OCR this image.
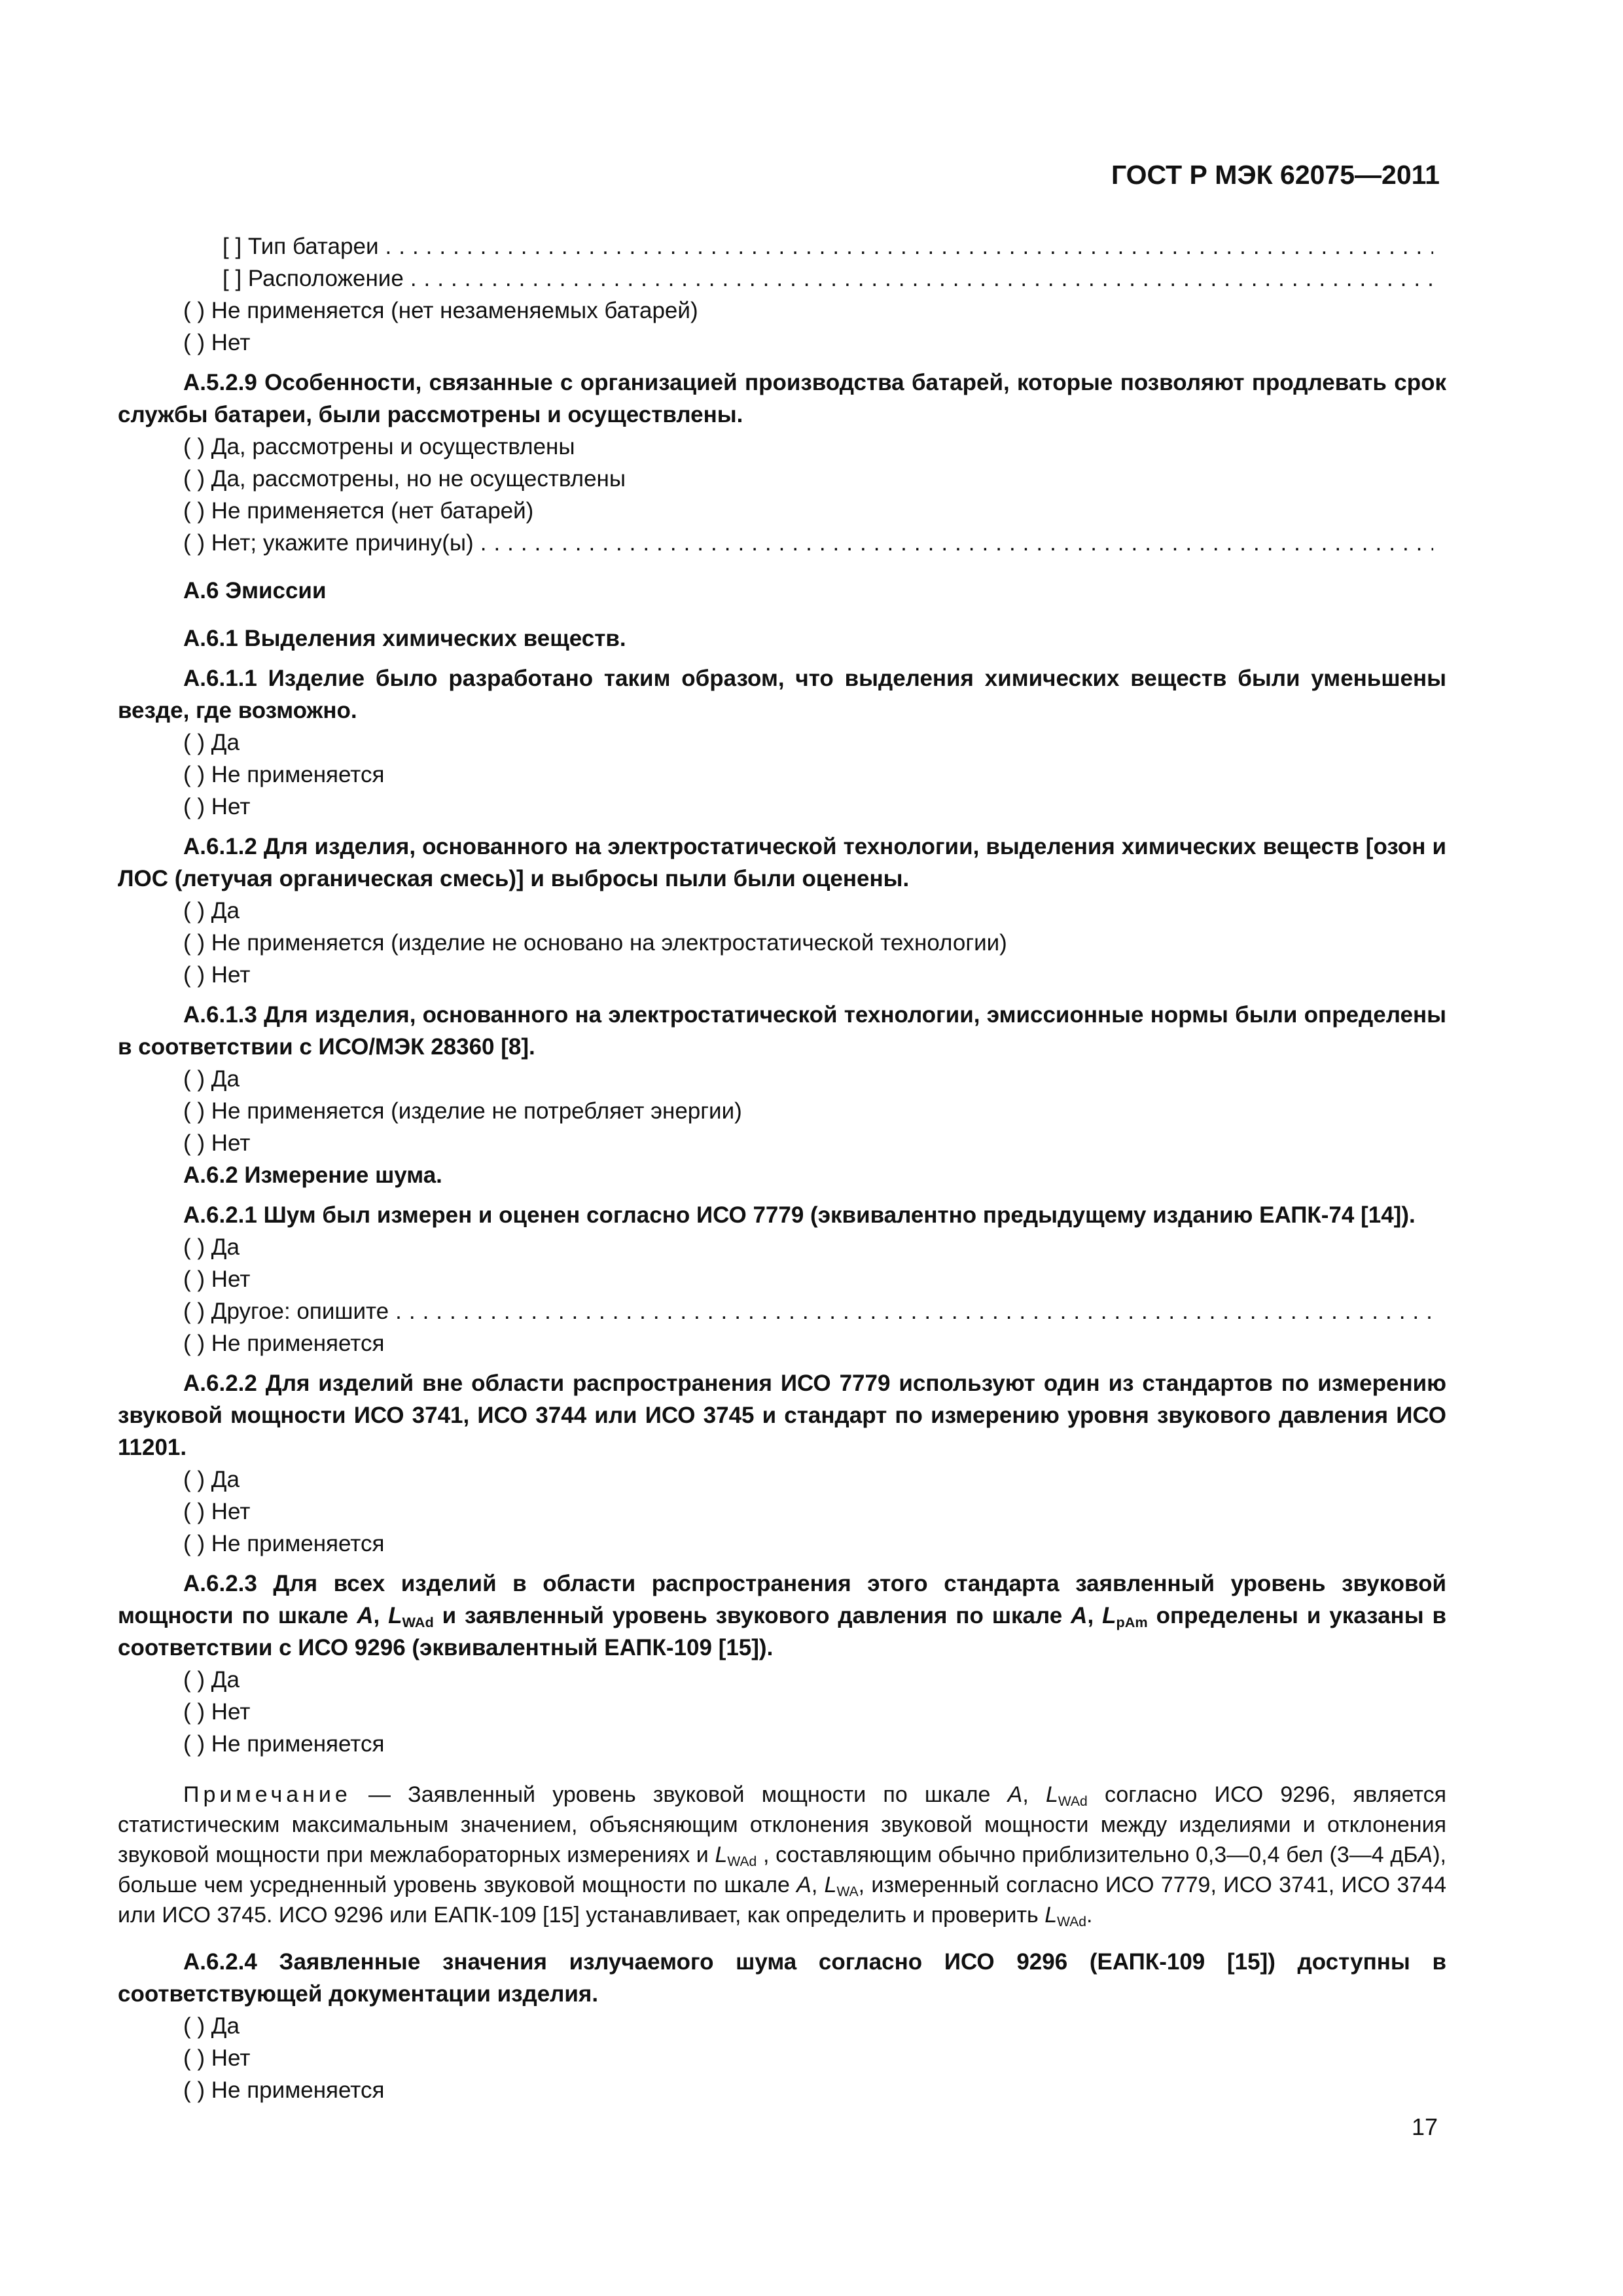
ГОСТ Р МЭК 62075—2011
[ ] Тип батареи
.....
[ ] Расположение
.....
( ) Не применяется (нет незаменяемых батарей)
( ) Нет

А.5.2.9 Особенности, связанные с организацией производства батарей, которые позволяют продлевать срок службы батареи, были рассмотрены и осуществлены.

( ) Да, рассмотрены и осуществлены
( ) Да, рассмотрены, но не осуществлены
( ) Не применяется (нет батарей)
( ) Нет; укажите причину(ы)
.....

А.6 Эмиссии

А.6.1 Выделения химических веществ.

А.6.1.1 Изделие было разработано таким образом, что выделения химических веществ были уменьшены везде, где возможно.

( ) Да
( ) Не применяется
( ) Нет

А.6.1.2 Для изделия, основанного на электростатической технологии, выделения химических веществ [озон и ЛОС (летучая органическая смесь)] и выбросы пыли были оценены.

( ) Да
( ) Не применяется (изделие не основано на электростатической технологии)
( ) Нет

А.6.1.3 Для изделия, основанного на электростатической технологии, эмиссионные нормы были определены в соответствии с ИСО/МЭК 28360 [8].

( ) Да
( ) Не применяется (изделие не потребляет энергии)
( ) Нет

А.6.2 Измерение шума.

А.6.2.1 Шум был измерен и оценен согласно ИСО 7779 (эквивалентно предыдущему изданию ЕАПК-74 [14]).

( ) Да
( ) Нет
( ) Другое: опишите
.....
( ) Не применяется

А.6.2.2 Для изделий вне области распространения ИСО 7779 используют один из стандартов по измерению звуковой мощности ИСО 3741, ИСО 3744 или ИСО 3745 и стандарт по измерению уровня звукового давления ИСО 11201.

( ) Да
( ) Нет
( ) Не применяется

А.6.2.3 Для всех изделий в области распространения этого стандарта заявленный уровень звуковой мощности по шкале А, $L_{WAd}$ и заявленный уровень звукового давления по шкале А, $L_{pAm}$ определены и указаны в соответствии с ИСО 9296 (эквивалентный ЕАПК-109 [15]).

( ) Да
( ) Нет
( ) Не применяется

Примечание — Заявленный уровень звуковой мощности по шкале А, $L_{WAd}$ согласно ИСО 9296, является статистическим максимальным значением, объясняющим отклонения звуковой мощности между изделиями и отклонения звуковой мощности при межлабораторных измерениях и $L_{WAd}$ , составляющим обычно приблизительно 0,3—0,4 бел (3—4 дБА), больше чем усредненный уровень звуковой мощности по шкале А, $L_{WA}$, измеренный согласно ИСО 7779, ИСО 3741, ИСО 3744 или ИСО 3745. ИСО 9296 или ЕАПК-109 [15] устанавливает, как определить и проверить $L_{WAd}$.

А.6.2.4 Заявленные значения излучаемого шума согласно ИСО 9296 (ЕАПК-109 [15]) доступны в соответствующей документации изделия.

( ) Да
( ) Нет
( ) Не применяется
17
